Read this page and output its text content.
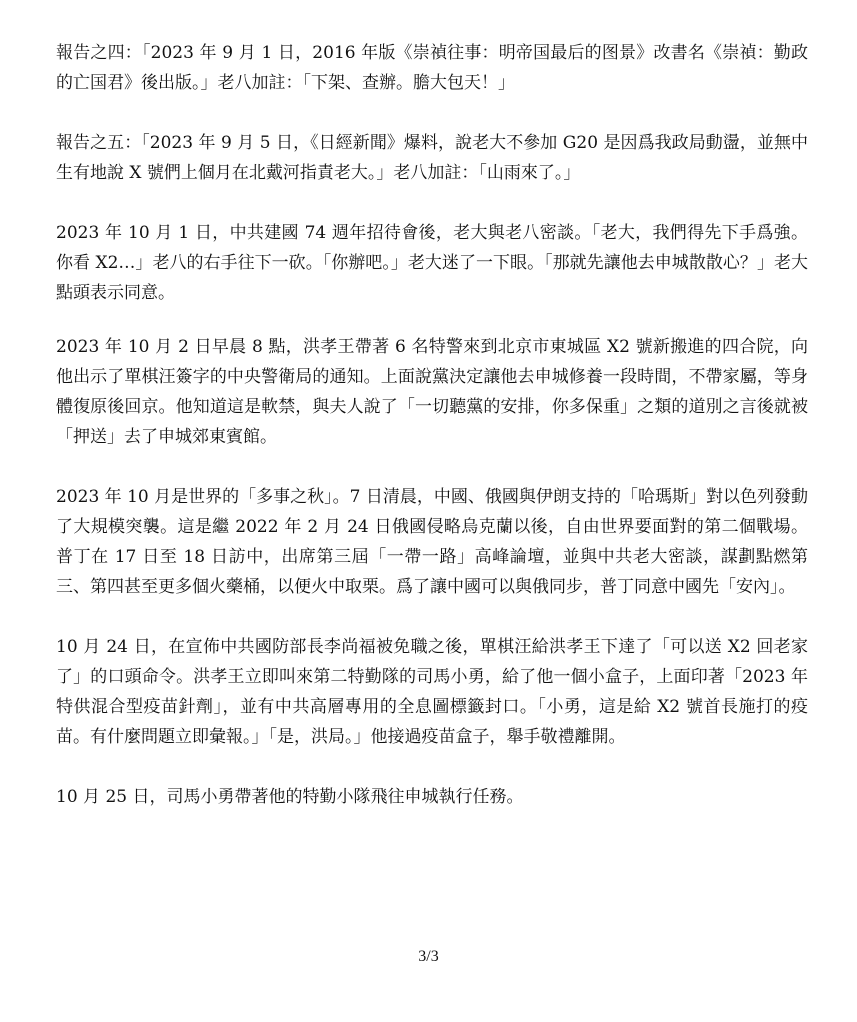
報告之四：「2023 年 9 月 1 日，2016 年版《崇禎往事：明帝国最后的图景》改書名《崇禎：勤政的亡国君》後出版。」老八加註：「下架、查辦。膽大包天！」

報告之五：「2023 年 9 月 5 日，《日經新聞》爆料，說老大不參加 G20 是因爲我政局動盪，並無中生有地說 X 號們上個月在北戴河指責老大。」老八加註：「山雨來了。」

2023 年 10 月 1 日，中共建國 74 週年招待會後，老大與老八密談。「老大，我們得先下手爲強。你看 X2…」老八的右手往下一砍。「你辦吧。」老大迷了一下眼。「那就先讓他去申城散散心？」老大點頭表示同意。

2023 年 10 月 2 日早晨 8 點，洪孝王帶著 6 名特警來到北京市東城區 X2 號新搬進的四合院，向他出示了單棋汪簽字的中央警衛局的通知。上面說黨決定讓他去申城修養一段時間，不帶家屬，等身體復原後回京。他知道這是軟禁，與夫人說了「一切聽黨的安排，你多保重」之類的道別之言後就被「押送」去了申城郊東賓館。

2023 年 10 月是世界的「多事之秋」。7 日清晨，中國、俄國與伊朗支持的「哈瑪斯」對以色列發動了大規模突襲。這是繼 2022 年 2 月 24 日俄國侵略烏克蘭以後，自由世界要面對的第二個戰場。普丁在 17 日至 18 日訪中，出席第三屆「一帶一路」高峰論壇，並與中共老大密談，謀劃點燃第三、第四甚至更多個火藥桶，以便火中取栗。爲了讓中國可以與俄同步，普丁同意中國先「安內」。

10 月 24 日，在宣佈中共國防部長李尚福被免職之後，單棋汪給洪孝王下達了「可以送 X2 回老家了」的口頭命令。洪孝王立即叫來第二特勤隊的司馬小勇，給了他一個小盒子，上面印著「2023 年特供混合型疫苗針劑」，並有中共高層專用的全息圖標籤封口。「小勇，這是給 X2 號首長施打的疫苗。有什麼問題立即彙報。」「是，洪局。」他接過疫苗盒子，舉手敬禮離開。

10 月 25 日，司馬小勇帶著他的特勤小隊飛往申城執行任務。

3/3
